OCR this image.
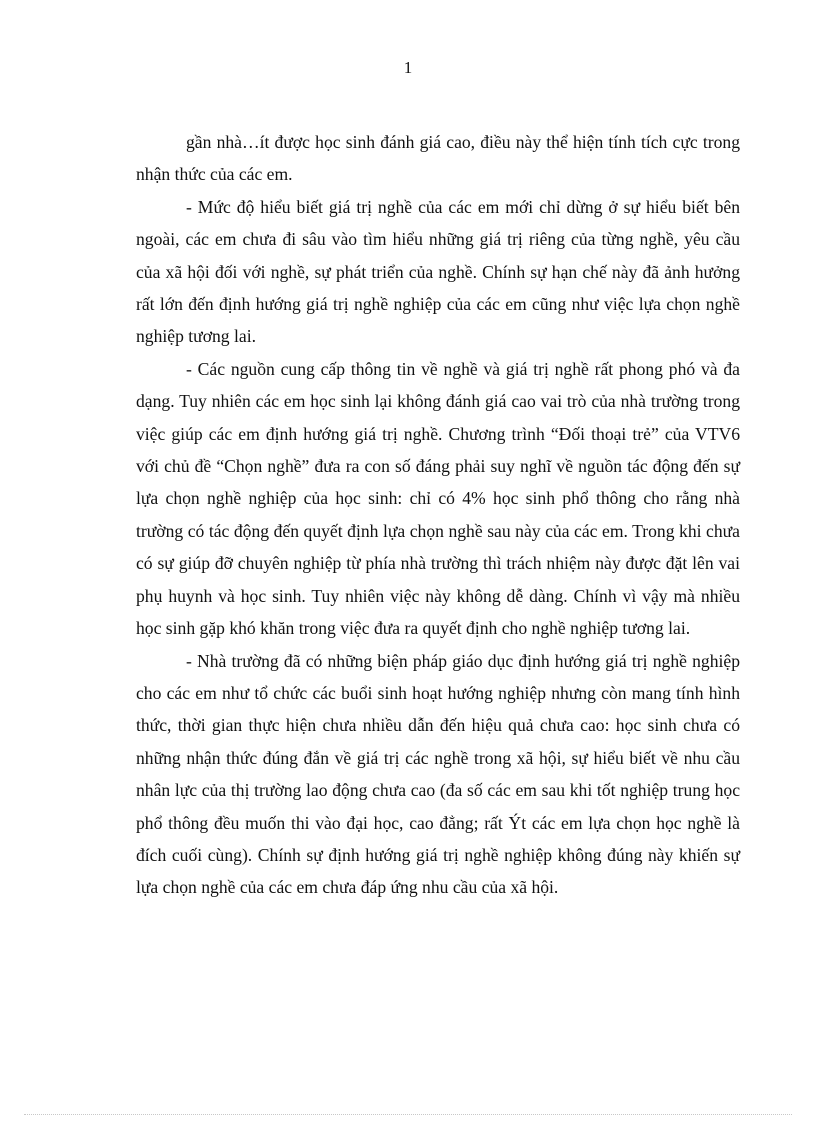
1

gần nhà…ít được học sinh đánh giá cao, điều này thể hiện tính tích cực trong nhận thức của các em.

- Mức độ hiểu biết giá trị nghề của các em mới chỉ dừng ở sự hiểu biết bên ngoài, các em chưa đi sâu vào tìm hiểu những giá trị riêng của từng nghề, yêu cầu của xã hội đối với nghề, sự phát triển của nghề. Chính sự hạn chế này đã ảnh hưởng rất lớn đến định hướng giá trị nghề nghiệp của các em cũng như việc lựa chọn nghề nghiệp tương lai.

- Các nguồn cung cấp thông tin về nghề và giá trị nghề rất phong phó và đa dạng. Tuy nhiên các em học sinh lại không đánh giá cao vai trò của nhà trường trong việc giúp các em định hướng giá trị nghề. Chương trình “Đối thoại trẻ” của VTV6 với chủ đề “Chọn nghề” đưa ra con số đáng phải suy nghĩ về nguồn tác động đến sự lựa chọn nghề nghiệp của học sinh: chỉ có 4% học sinh phổ thông cho rằng nhà trường có tác động đến quyết định lựa chọn nghề sau này của các em. Trong khi chưa có sự giúp đỡ chuyên nghiệp từ phía nhà trường thì trách nhiệm này được đặt lên vai phụ huynh và học sinh. Tuy nhiên việc này không dễ dàng. Chính vì vậy mà nhiều học sinh gặp khó khăn trong việc đưa ra quyết định cho nghề nghiệp tương lai.

- Nhà trường đã có những biện pháp giáo dục định hướng giá trị nghề nghiệp cho các em như tổ chức các buổi sinh hoạt hướng nghiệp nhưng còn mang tính hình thức, thời gian thực hiện chưa nhiều dẫn đến hiệu quả chưa cao: học sinh chưa có những nhận thức đúng đắn về giá trị các nghề trong xã hội, sự hiểu biết về nhu cầu nhân lực của thị trường lao động chưa cao (đa số các em sau khi tốt nghiệp trung học phổ thông đều muốn thi vào đại học, cao đẳng; rất Ýt các em lựa chọn học nghề là đích cuối cùng). Chính sự định hướng giá trị nghề nghiệp không đúng này khiến sự lựa chọn nghề của các em chưa đáp ứng nhu cầu của xã hội.
